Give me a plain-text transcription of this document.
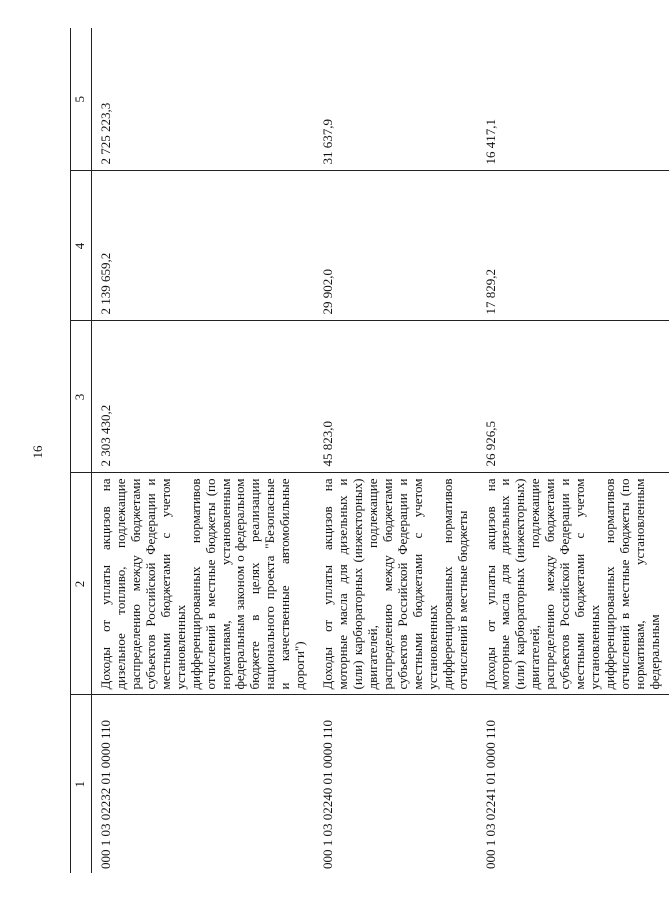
16
1	2	3	4	5
000 1 03 02232 01 0000 110	Доходы от уплаты акцизов на дизельное топливо, подлежащие распределению между бюджетами субъектов Российской Федерации и местными бюджетами с учетом установленных дифференцированных нормативов отчислений в местные бюджеты (по нормативам, установленным федеральным законом о федеральном бюджете в целях реализации национального проекта "Безопасные и качественные автомобильные дороги")	2 303 430,2	2 139 659,2	2 725 223,3
000 1 03 02240 01 0000 110	Доходы от уплаты акцизов на моторные масла для дизельных и (или) карбюраторных (инжекторных) двигателей, подлежащие распределению между бюджетами субъектов Российской Федерации и местными бюджетами с учетом установленных дифференцированных нормативов отчислений в местные бюджеты	45 823,0	29 902,0	31 637,9
000 1 03 02241 01 0000 110	Доходы от уплаты акцизов на моторные масла для дизельных и (или) карбюраторных (инжекторных) двигателей, подлежащие распределению между бюджетами субъектов Российской Федерации и местными бюджетами с учетом установленных дифференцированных нормативов отчислений в местные бюджеты (по нормативам, установленным федеральным	26 926,5	17 829,2	16 417,1
